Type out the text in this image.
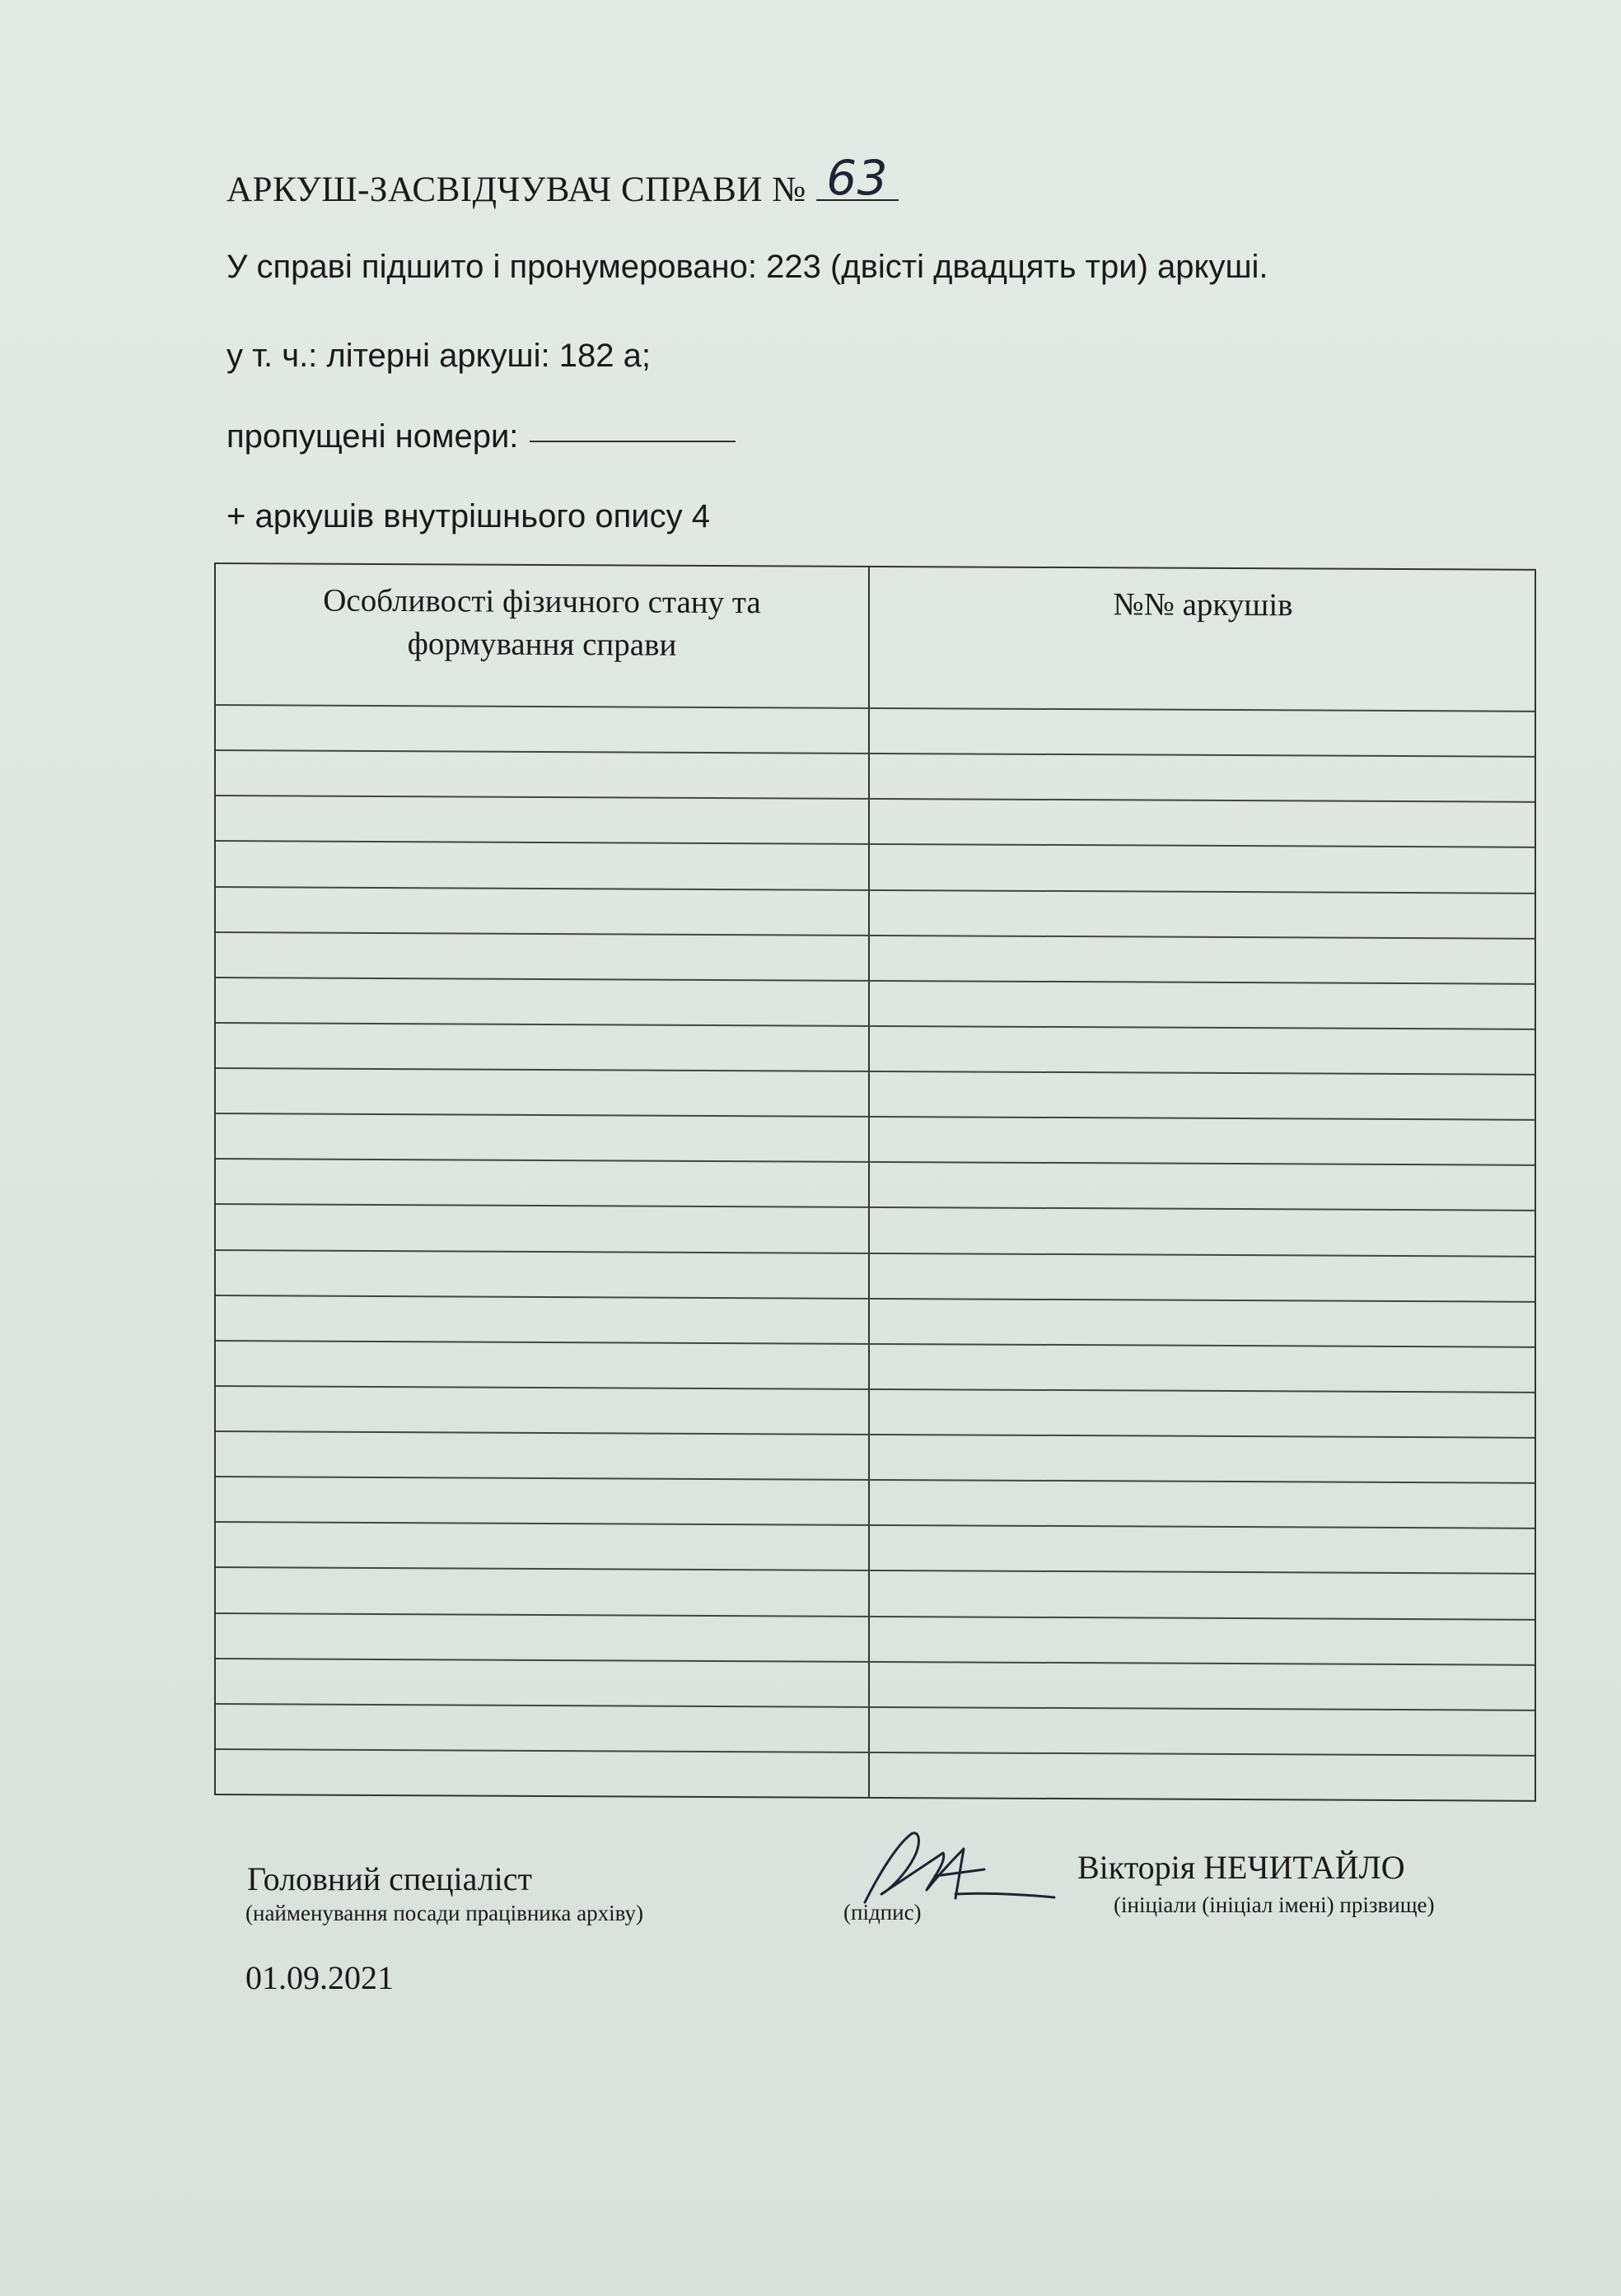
АРКУШ-ЗАСВІДЧУВАЧ СПРАВИ № 63
У справі підшито і пронумеровано: 223 (двісті двадцять три) аркуші.
у т. ч.: літерні аркуші: 182 а;
пропущені номери:
+ аркушів внутрішнього опису 4
Особливості фізичного стану та
формування справи
№№ аркушів
Головний спеціаліст
(найменування посади працівника архіву)	(підпис)
Вікторія НЕЧИТАЙЛО
(ініціали (ініціал імені) прізвище)
01.09.2021
